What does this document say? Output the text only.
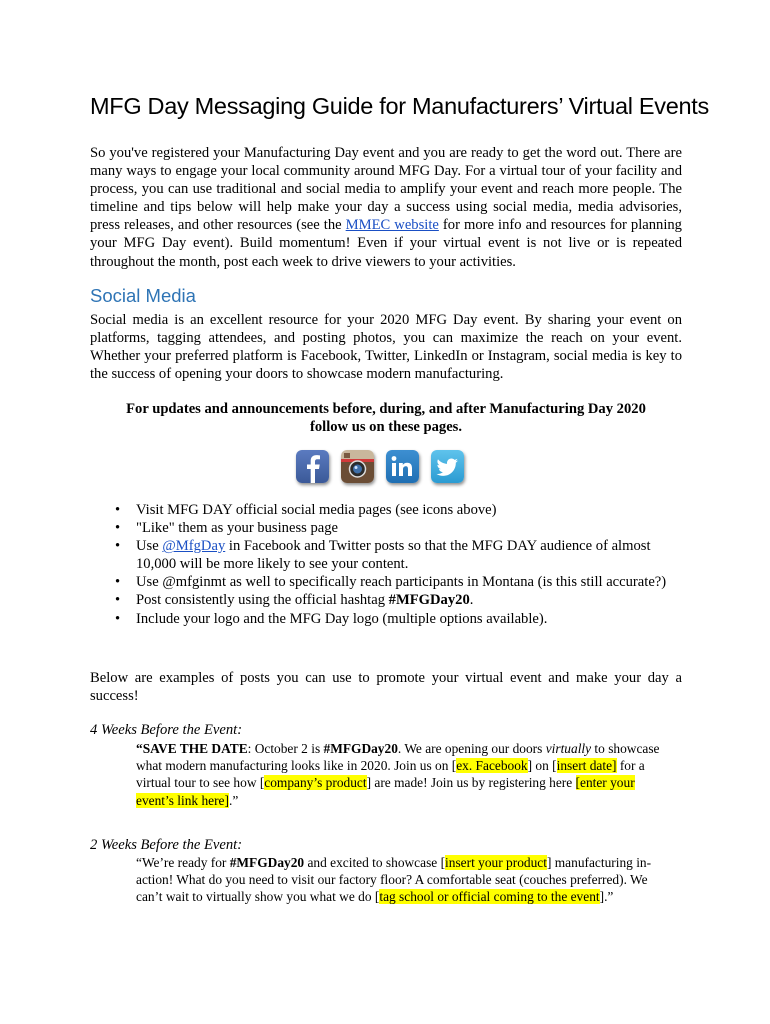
MFG Day Messaging Guide for Manufacturers’ Virtual Events

So you've registered your Manufacturing Day event and you are ready to get the word out. There are many ways to engage your local community around MFG Day. For a virtual tour of your facility and process, you can use traditional and social media to amplify your event and reach more people. The timeline and tips below will help make your day a success using social media, media advisories, press releases, and other resources (see the MMEC website for more info and resources for planning your MFG Day event). Build momentum! Even if your virtual event is not live or is repeated throughout the month, post each week to drive viewers to your activities.

Social Media

Social media is an excellent resource for your 2020 MFG Day event. By sharing your event on platforms, tagging attendees, and posting photos, you can maximize the reach on your event. Whether your preferred platform is Facebook, Twitter, LinkedIn or Instagram, social media is key to the success of opening your doors to showcase modern manufacturing.

For updates and announcements before, during, and after Manufacturing Day 2020
follow us on these pages.

• Visit MFG DAY official social media pages (see icons above)
• "Like" them as your business page
• Use @MfgDay in Facebook and Twitter posts so that the MFG DAY audience of almost 10,000 will be more likely to see your content.
• Use @mfginmt as well to specifically reach participants in Montana (is this still accurate?)
• Post consistently using the official hashtag #MFGDay20.
• Include your logo and the MFG Day logo (multiple options available).

Below are examples of posts you can use to promote your virtual event and make your day a success!

4 Weeks Before the Event:

“SAVE THE DATE: October 2 is #MFGDay20. We are opening our doors virtually to showcase what modern manufacturing looks like in 2020. Join us on [ex. Facebook] on [insert date] for a virtual tour to see how [company’s product] are made! Join us by registering here [enter your event’s link here].”

2 Weeks Before the Event:

“We’re ready for #MFGDay20 and excited to showcase [insert your product] manufacturing in-action! What do you need to visit our factory floor? A comfortable seat (couches preferred). We can’t wait to virtually show you what we do [tag school or official coming to the event].”
